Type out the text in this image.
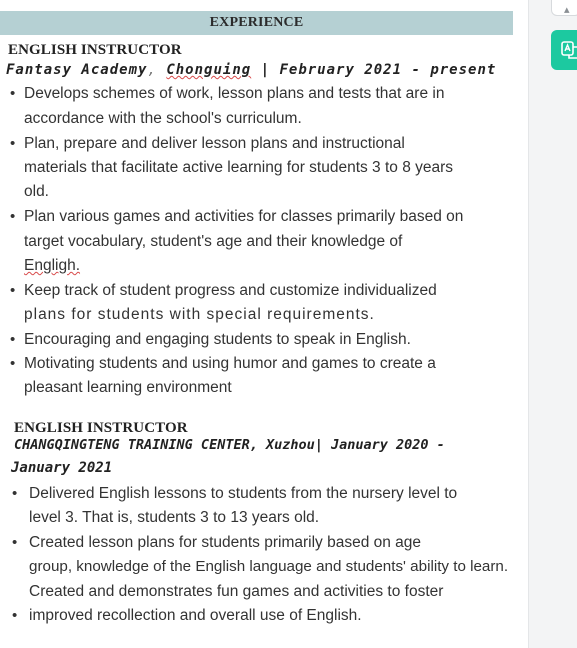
EXPERIENCE
ENGLISH INSTRUCTOR
Fantasy Academy, Chonguing | February 2021 - present
• Develops schemes of work, lesson plans and tests that are in
accordance with the school's curriculum.
• Plan, prepare and deliver lesson plans and instructional
materials that facilitate active learning for students 3 to 8 years
old.
• Plan various games and activities for classes primarily based on
target vocabulary, student's age and their knowledge of
Engligh.
• Keep track of student progress and customize individualized
plans for students with special requirements.
• Encouraging and engaging students to speak in English.
• Motivating students and using humor and games to create a
pleasant learning environment
ENGLISH INSTRUCTOR
CHANGQINGTENG TRAINING CENTER, Xuzhou| January 2020 -
January 2021
• Delivered English lessons to students from the nursery level to
level 3. That is, students 3 to 13 years old.
• Created lesson plans for students primarily based on age
group, knowledge of the English language and students' ability to learn.
Created and demonstrates fun games and activities to foster
• improved recollection and overall use of English.
▴
